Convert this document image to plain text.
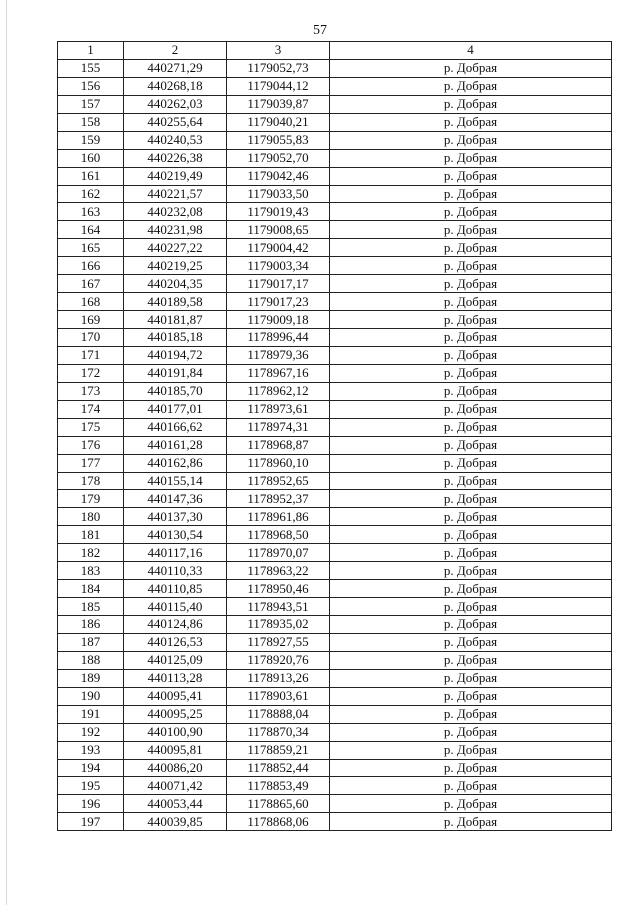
57
1	2	3	4
155	440271,29	1179052,73	р. Добрая
156	440268,18	1179044,12	р. Добрая
157	440262,03	1179039,87	р. Добрая
158	440255,64	1179040,21	р. Добрая
159	440240,53	1179055,83	р. Добрая
160	440226,38	1179052,70	р. Добрая
161	440219,49	1179042,46	р. Добрая
162	440221,57	1179033,50	р. Добрая
163	440232,08	1179019,43	р. Добрая
164	440231,98	1179008,65	р. Добрая
165	440227,22	1179004,42	р. Добрая
166	440219,25	1179003,34	р. Добрая
167	440204,35	1179017,17	р. Добрая
168	440189,58	1179017,23	р. Добрая
169	440181,87	1179009,18	р. Добрая
170	440185,18	1178996,44	р. Добрая
171	440194,72	1178979,36	р. Добрая
172	440191,84	1178967,16	р. Добрая
173	440185,70	1178962,12	р. Добрая
174	440177,01	1178973,61	р. Добрая
175	440166,62	1178974,31	р. Добрая
176	440161,28	1178968,87	р. Добрая
177	440162,86	1178960,10	р. Добрая
178	440155,14	1178952,65	р. Добрая
179	440147,36	1178952,37	р. Добрая
180	440137,30	1178961,86	р. Добрая
181	440130,54	1178968,50	р. Добрая
182	440117,16	1178970,07	р. Добрая
183	440110,33	1178963,22	р. Добрая
184	440110,85	1178950,46	р. Добрая
185	440115,40	1178943,51	р. Добрая
186	440124,86	1178935,02	р. Добрая
187	440126,53	1178927,55	р. Добрая
188	440125,09	1178920,76	р. Добрая
189	440113,28	1178913,26	р. Добрая
190	440095,41	1178903,61	р. Добрая
191	440095,25	1178888,04	р. Добрая
192	440100,90	1178870,34	р. Добрая
193	440095,81	1178859,21	р. Добрая
194	440086,20	1178852,44	р. Добрая
195	440071,42	1178853,49	р. Добрая
196	440053,44	1178865,60	р. Добрая
197	440039,85	1178868,06	р. Добрая
